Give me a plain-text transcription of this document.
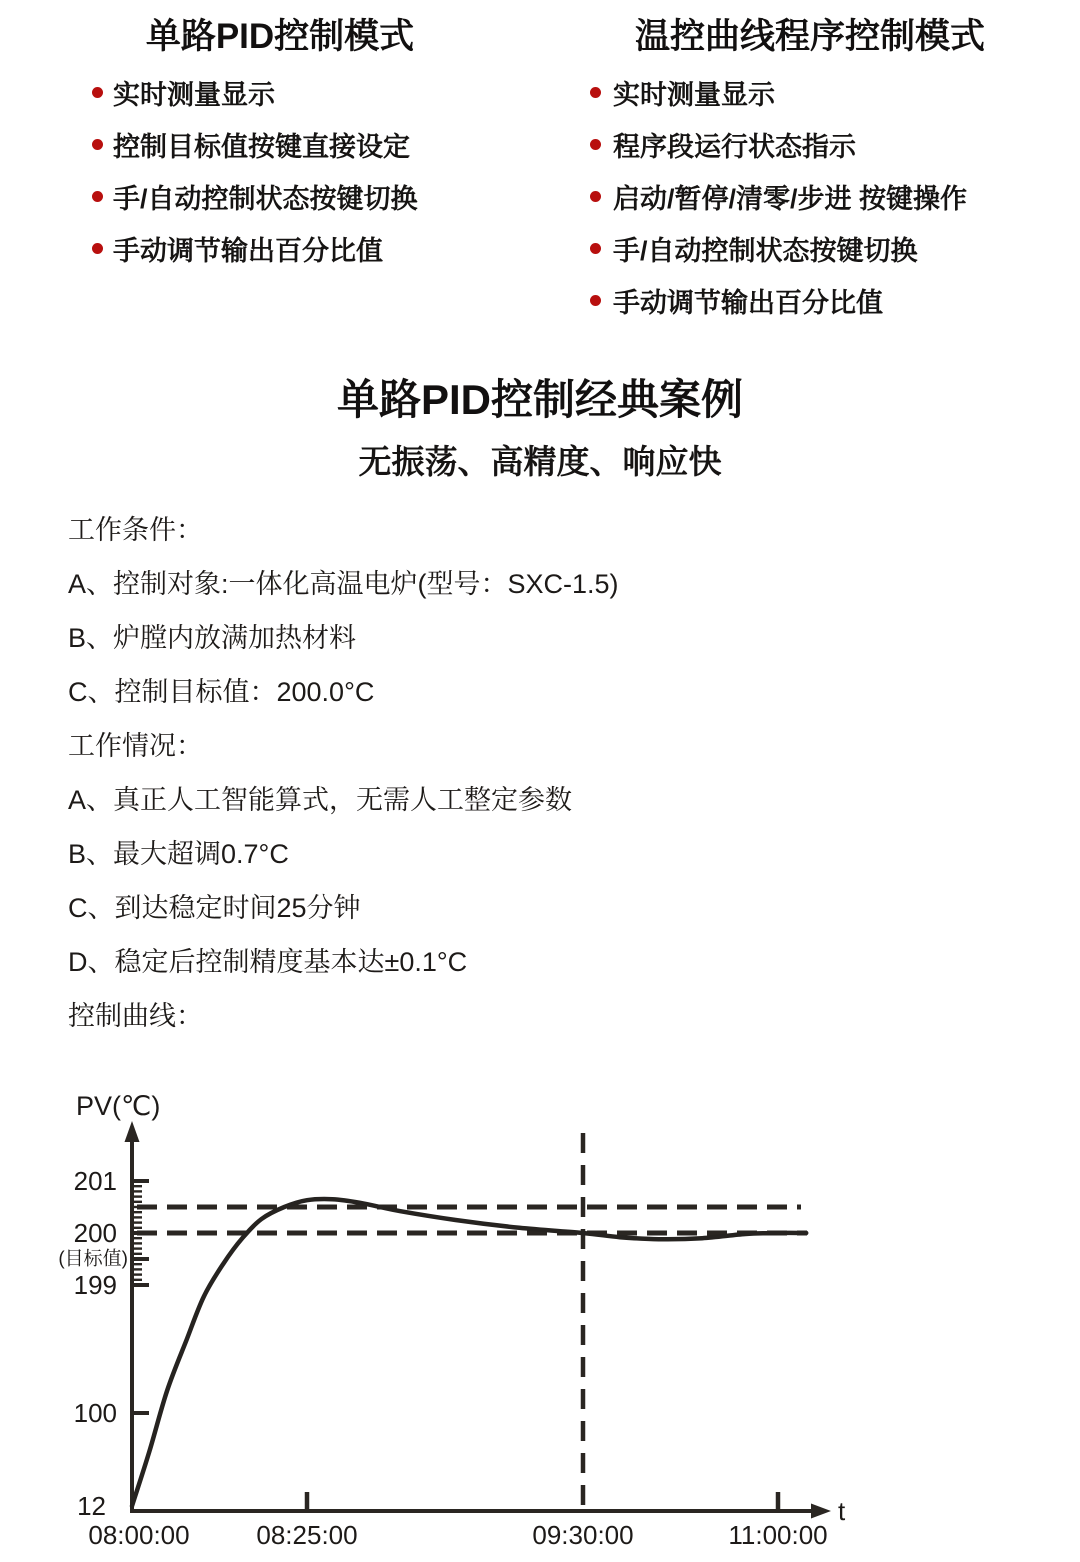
单路PID控制模式
实时测量显示
控制目标值按键直接设定
手/自动控制状态按键切换
手动调节输出百分比值
温控曲线程序控制模式
实时测量显示
程序段运行状态指示
启动/暂停/清零/步进 按键操作
手/自动控制状态按键切换
手动调节输出百分比值
单路PID控制经典案例
无振荡、高精度、响应快
工作条件：
A、控制对象:一体化高温电炉(型号：SXC-1.5)
B、炉膛内放满加热材料
C、控制目标值：200.0°C
工作情况：
A、真正人工智能算式，无需人工整定参数
B、最大超调0.7°C
C、到达稳定时间25分钟
D、稳定后控制精度基本达±0.1°C
控制曲线：
PV(℃)
t
201
200
(目标值)
199
100
12
08:00:00	08:25:00	09:30:00	11:00:00
